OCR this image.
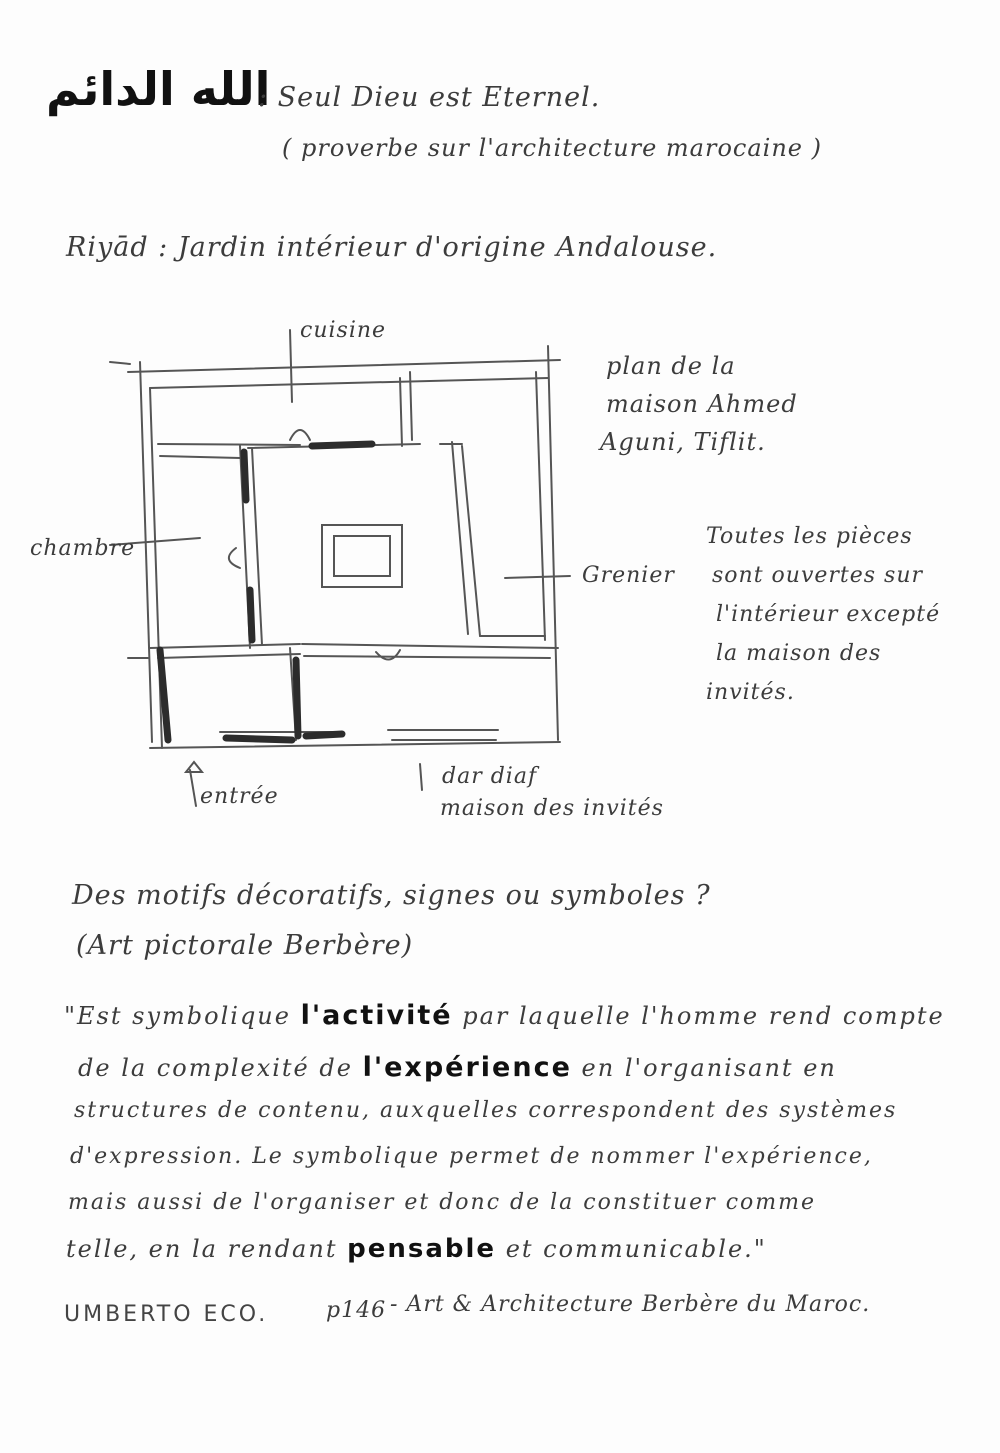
الله الدائم
: Seul Dieu est Eternel.
( proverbe sur l'architecture marocaine )
Riyād : Jardin intérieur d'origine Andalouse.
cuisine
chambre
Grenier
entrée
dar diaf
maison des invités
plan de la
maison Ahmed
Aguni, Tiflit.
Toutes les pièces
sont ouvertes sur
l'intérieur excepté
la maison des
invités.
Des motifs décoratifs, signes ou symboles ?
(Art pictorale Berbère)
"Est symbolique l'activité par laquelle l'homme rend compte
de la complexité de l'expérience en l'organisant en
structures de contenu, auxquelles correspondent des systèmes
d'expression. Le symbolique permet de nommer l'expérience,
mais aussi de l'organiser et donc de la constituer comme
telle, en la rendant pensable et communicable."
UMBERTO ECO.	p146 - Art & Architecture Berbère du Maroc.
